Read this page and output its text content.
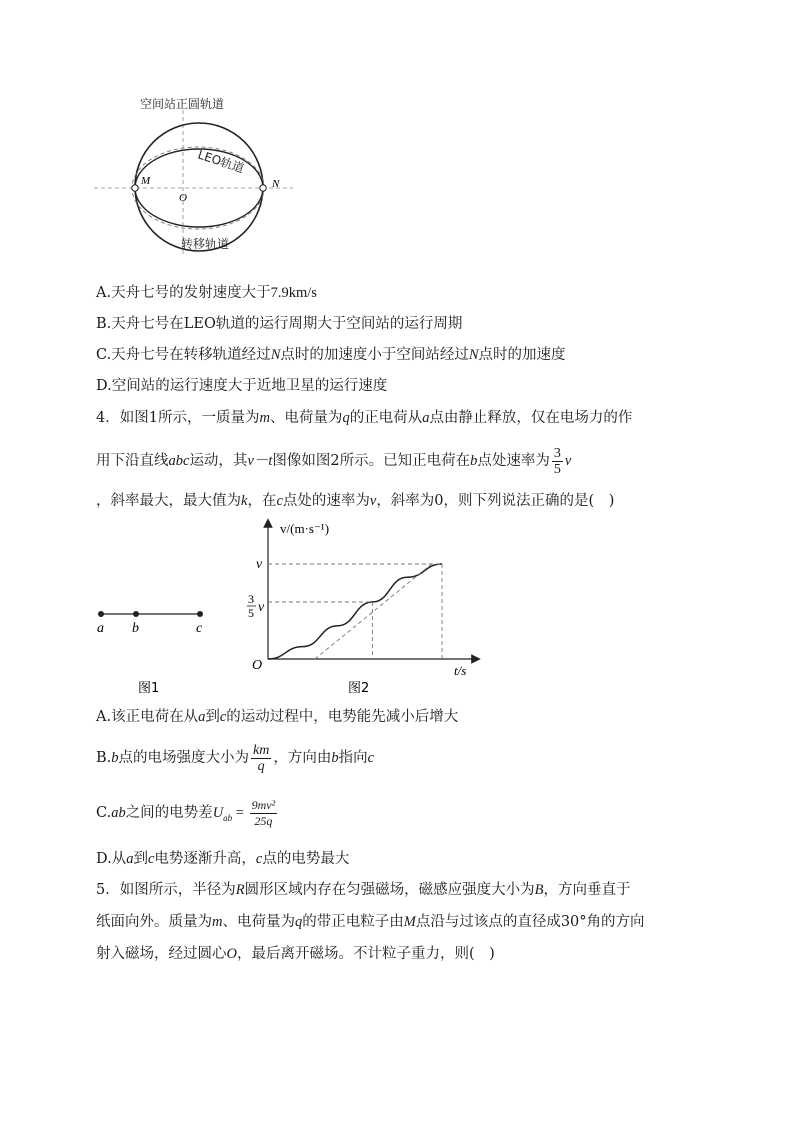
空间站正圆轨道
M	N
O
LEO轨道
转移轨道
A.天舟七号的发射速度大于7.9km/s
B.天舟七号在LEO轨道的运行周期大于空间站的运行周期
C.天舟七号在转移轨道经过N点时的加速度小于空间站经过N点时的加速度
D.空间站的运行速度大于近地卫星的运行速度
4．如图1所示，一质量为m、电荷量为q的正电荷从a点由静止释放，仅在电场力的作
用下沿直线abc运动，其v－t图像如图2所示。已知正电荷在b点处速率为 $\frac{3}{5}$ v
，斜率最大，最大值为k，在c点处的速率为v，斜率为0，则下列说法正确的是(　)
a b	c
图1
v/(m·s⁻¹)
t/s
O
v
3
5 v
图2
A.该正电荷在从a到c的运动过程中，电势能先减小后增大
B.b点的电场强度大小为 $\frac{km}{q}$ ，方向由b指向c
C.ab之间的电势差$U_{ab} = \frac{\text{9mv²}}{25q}$
D.从a到c电势逐渐升高，c点的电势最大
5．如图所示，半径为R圆形区域内存在匀强磁场，磁感应强度大小为B，方向垂直于
纸面向外。质量为m、电荷量为q的带正电粒子由M点沿与过该点的直径成30°角的方向
射入磁场，经过圆心O，最后离开磁场。不计粒子重力，则(　)
